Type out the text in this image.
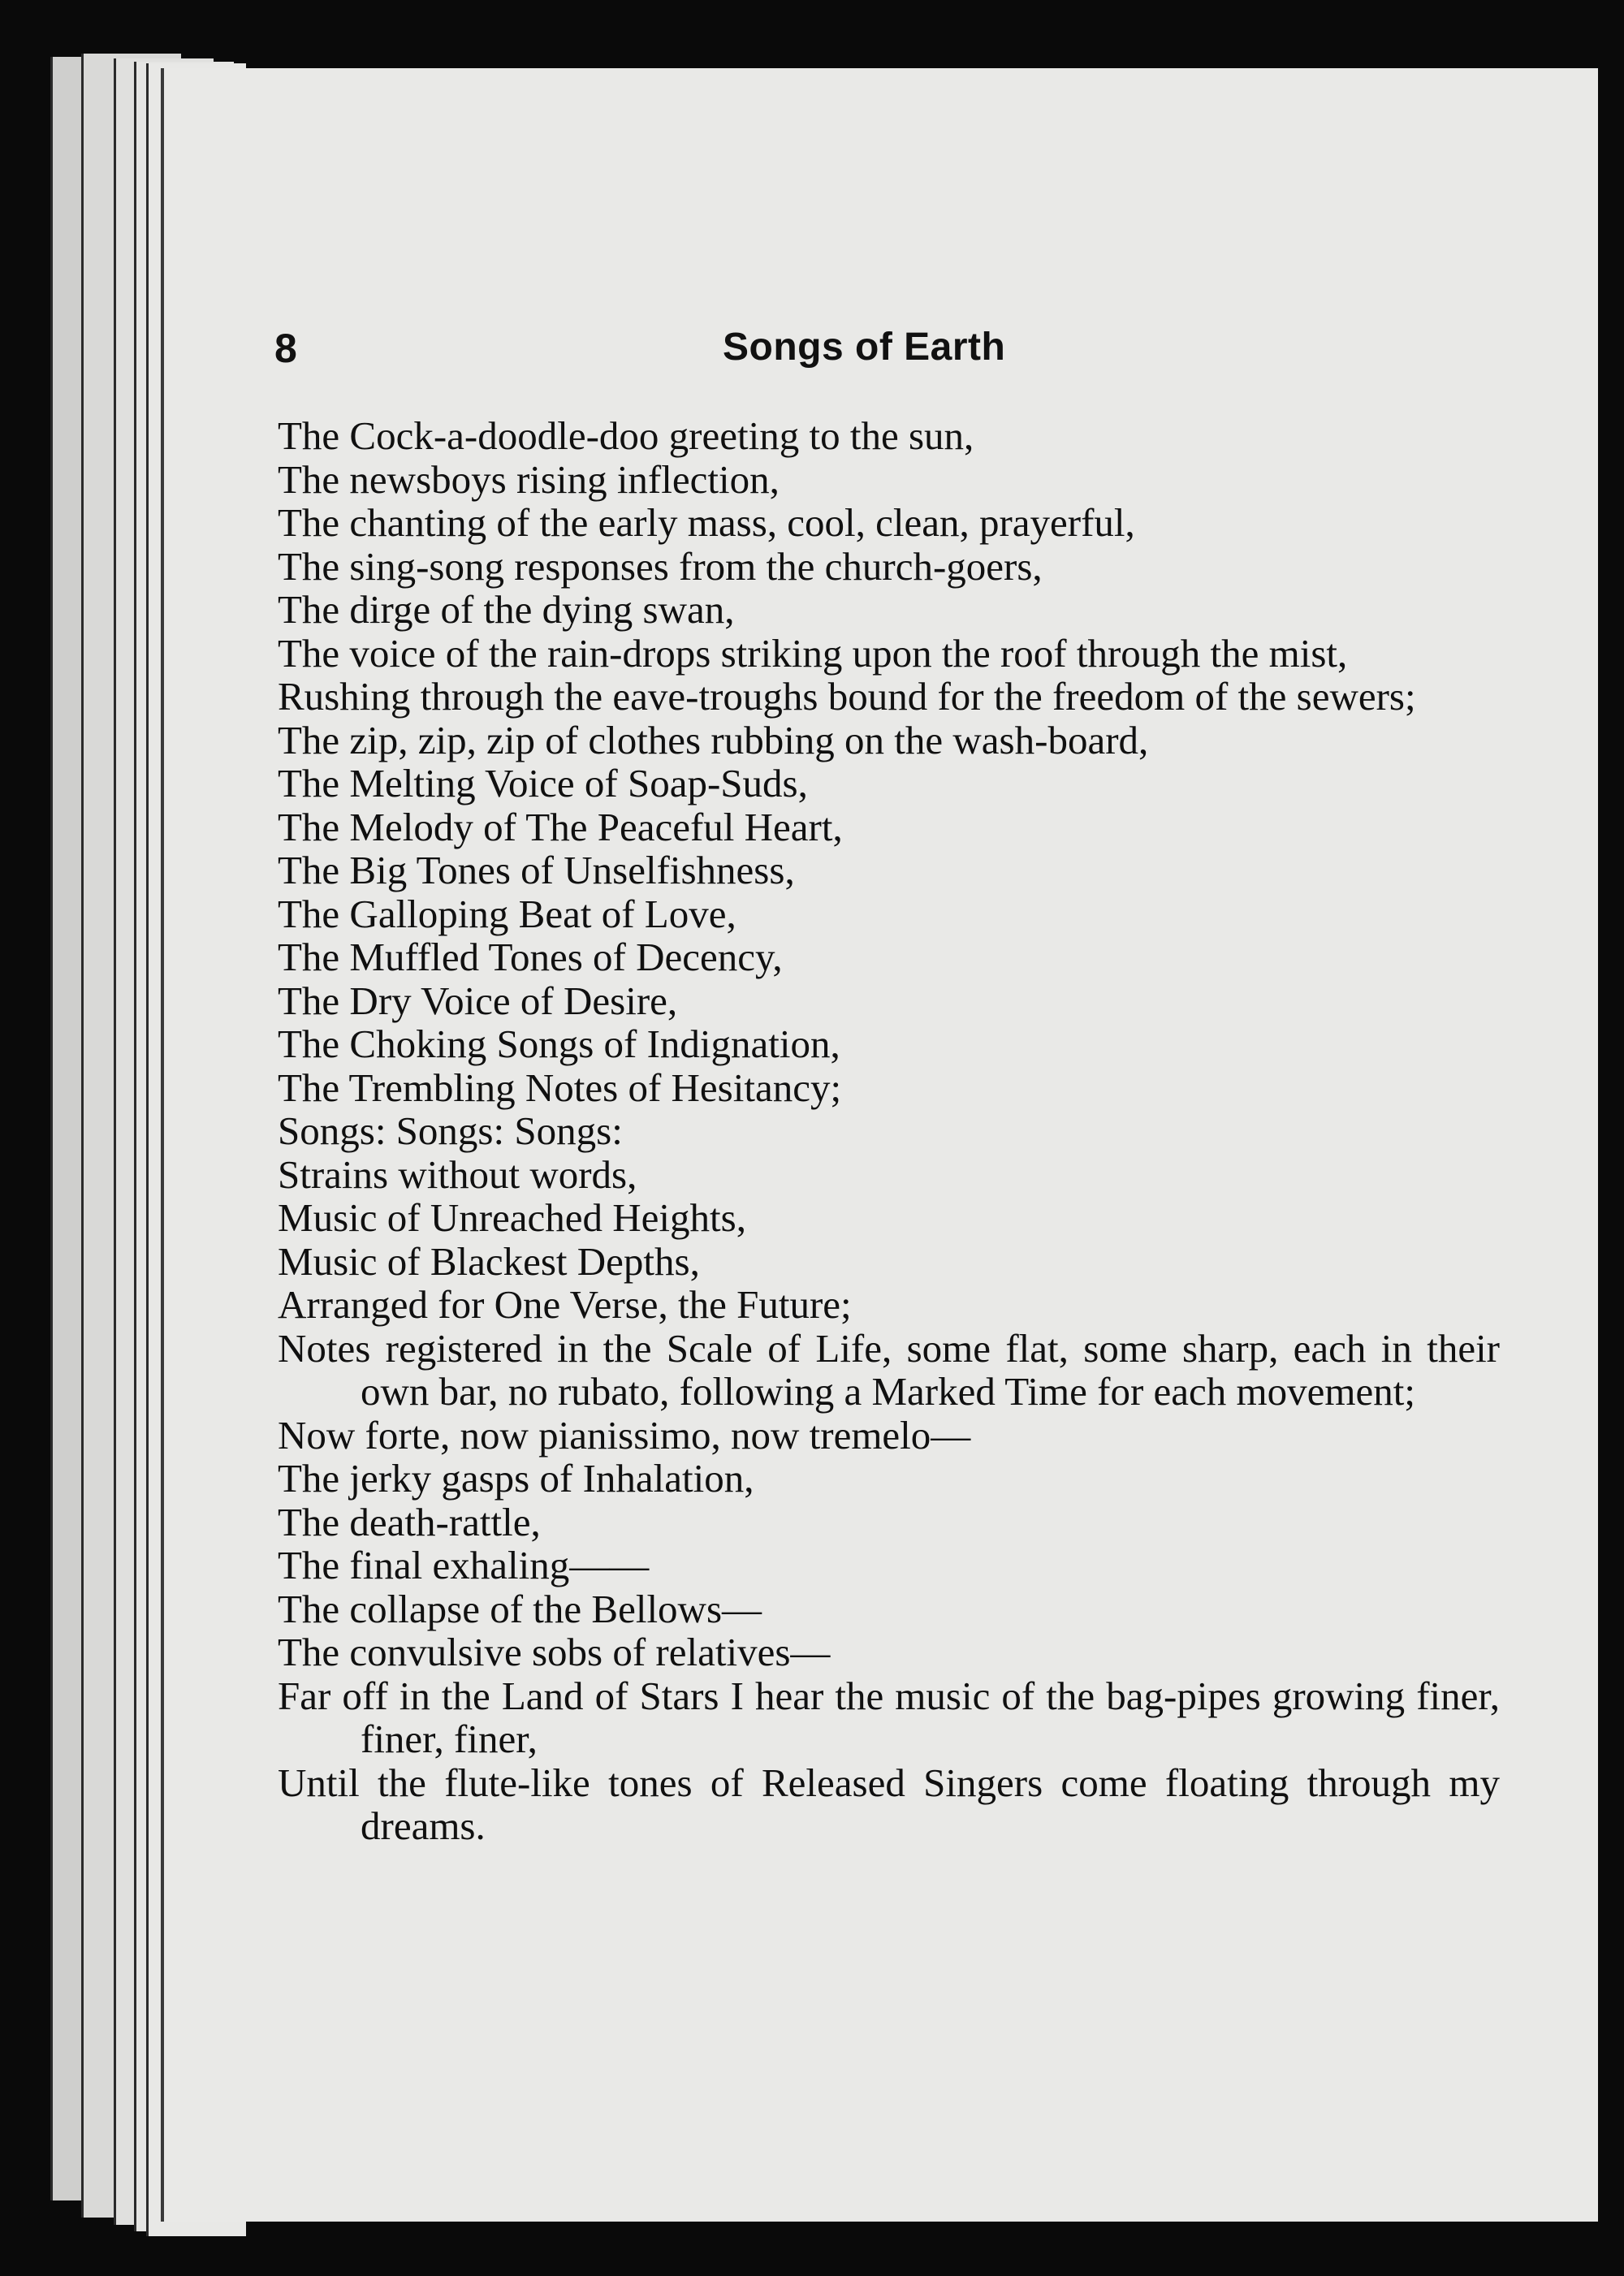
8	Songs of Earth

The Cock-a-doodle-doo greeting to the sun,

The newsboys rising inflection,

The chanting of the early mass, cool, clean, prayerful,

The sing-song responses from the church-goers,

The dirge of the dying swan,

The voice of the rain-drops striking upon the roof through the mist,

Rushing through the eave-troughs bound for the freedom of the sewers;

The zip, zip, zip of clothes rubbing on the wash-board,

The Melting Voice of Soap-Suds,

The Melody of The Peaceful Heart,

The Big Tones of Unselfishness,

The Galloping Beat of Love,

The Muffled Tones of Decency,

The Dry Voice of Desire,

The Choking Songs of Indignation,

The Trembling Notes of Hesitancy;

Songs: Songs: Songs:

Strains without words,

Music of Unreached Heights,

Music of Blackest Depths,

Arranged for One Verse, the Future;

Notes registered in the Scale of Life, some flat, some sharp, each in their own bar, no rubato, following a Marked Time for each movement;

Now forte, now pianissimo, now tremelo—

The jerky gasps of Inhalation,

The death-rattle,

The final exhaling——

The collapse of the Bellows—

The convulsive sobs of relatives—

Far off in the Land of Stars I hear the music of the bag-pipes growing finer, finer, finer,

Until the flute-like tones of Released Singers come floating through my dreams.
